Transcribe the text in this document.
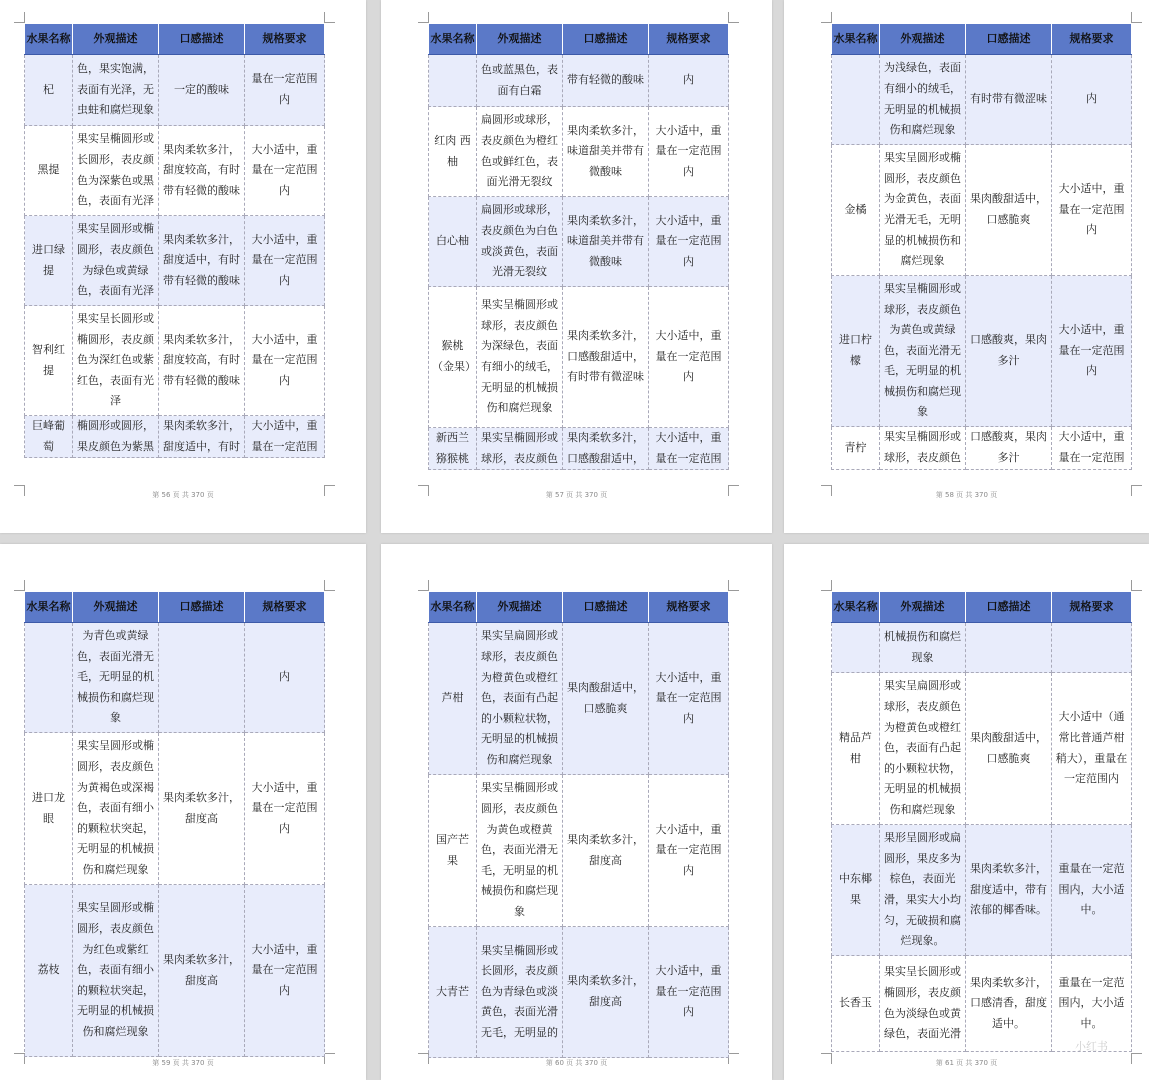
水果名称	外观描述	口感描述	规格要求
杞	色，果实饱满，表面有光泽，无虫蛀和腐烂现象	一定的酸味	量在一定范围内
黑提	果实呈椭圆形或长圆形，表皮颜色为深紫色或黑色，表面有光泽	果肉柔软多汁，甜度较高，有时带有轻微的酸味	大小适中，重量在一定范围内
进口绿提	果实呈圆形或椭圆形，表皮颜色为绿色或黄绿色，表面有光泽	果肉柔软多汁，甜度适中，有时带有轻微的酸味	大小适中，重量在一定范围内
智利红提	果实呈长圆形或椭圆形，表皮颜色为深红色或紫红色，表面有光泽	果肉柔软多汁，甜度较高，有时带有轻微的酸味	大小适中，重量在一定范围内
巨峰葡萄	椭圆形或圆形，果皮颜色为紫黑	果肉柔软多汁，甜度适中，有时	大小适中，重量在一定范围
第 56 页 共 370 页
水果名称	外观描述	口感描述	规格要求
	色或蓝黑色，表面有白霜	带有轻微的酸味	内
红肉 西柚	扁圆形或球形，表皮颜色为橙红色或鲜红色，表面光滑无裂纹	果肉柔软多汁，味道甜美并带有微酸味	大小适中，重量在一定范围内
白心柚	扁圆形或球形，表皮颜色为白色或淡黄色，表面光滑无裂纹	果肉柔软多汁，味道甜美并带有微酸味	大小适中，重量在一定范围内
猴桃（金果）	果实呈椭圆形或球形，表皮颜色为深绿色，表面有细小的绒毛，无明显的机械损伤和腐烂现象	果肉柔软多汁，口感酸甜适中，有时带有微涩味	大小适中，重量在一定范围内
新西兰猕猴桃	果实呈椭圆形或球形，表皮颜色	果肉柔软多汁，口感酸甜适中，	大小适中，重量在一定范围
第 57 页 共 370 页
水果名称	外观描述	口感描述	规格要求
	为浅绿色，表面有细小的绒毛，无明显的机械损伤和腐烂现象	有时带有微涩味	内
金橘	果实呈圆形或椭圆形，表皮颜色为金黄色，表面光滑无毛，无明显的机械损伤和腐烂现象	果肉酸甜适中，口感脆爽	大小适中，重量在一定范围内
进口柠檬	果实呈椭圆形或球形，表皮颜色为黄色或黄绿色，表面光滑无毛，无明显的机械损伤和腐烂现象	口感酸爽，果肉多汁	大小适中，重量在一定范围内
青柠	果实呈椭圆形或球形，表皮颜色	口感酸爽，果肉多汁	大小适中，重量在一定范围
第 58 页 共 370 页
水果名称	外观描述	口感描述	规格要求
	为青色或黄绿色，表面光滑无毛，无明显的机械损伤和腐烂现象		内
进口龙眼	果实呈圆形或椭圆形，表皮颜色为黄褐色或深褐色，表面有细小的颗粒状突起，无明显的机械损伤和腐烂现象	果肉柔软多汁，甜度高	大小适中，重量在一定范围内
荔枝	果实呈圆形或椭圆形，表皮颜色为红色或紫红色，表面有细小的颗粒状突起，无明显的机械损伤和腐烂现象	果肉柔软多汁，甜度高	大小适中，重量在一定范围内
第 59 页 共 370 页
水果名称	外观描述	口感描述	规格要求
芦柑	果实呈扁圆形或球形，表皮颜色为橙黄色或橙红色，表面有凸起的小颗粒状物，无明显的机械损伤和腐烂现象	果肉酸甜适中，口感脆爽	大小适中，重量在一定范围内
国产芒果	果实呈椭圆形或圆形，表皮颜色为黄色或橙黄色，表面光滑无毛，无明显的机械损伤和腐烂现象	果肉柔软多汁，甜度高	大小适中，重量在一定范围内
大青芒	果实呈椭圆形或长圆形，表皮颜色为青绿色或淡黄色，表面光滑无毛，无明显的	果肉柔软多汁，甜度高	大小适中，重量在一定范围内
第 60 页 共 370 页
水果名称	外观描述	口感描述	规格要求
	机械损伤和腐烂现象		
精品芦柑	果实呈扁圆形或球形，表皮颜色为橙黄色或橙红色，表面有凸起的小颗粒状物，无明显的机械损伤和腐烂现象	果肉酸甜适中，口感脆爽	大小适中（通常比普通芦柑稍大），重量在一定范围内
中东椰果	果形呈圆形或扁圆形，果皮多为棕色，表面光滑，果实大小均匀，无破损和腐烂现象。	果肉柔软多汁，甜度适中，带有浓郁的椰香味。	重量在一定范围内，大小适中。
长香玉	果实呈长圆形或椭圆形，表皮颜色为淡绿色或黄绿色，表面光滑	果肉柔软多汁，口感清香，甜度适中。	重量在一定范围内，大小适中。
第 61 页 共 370 页
小红书
